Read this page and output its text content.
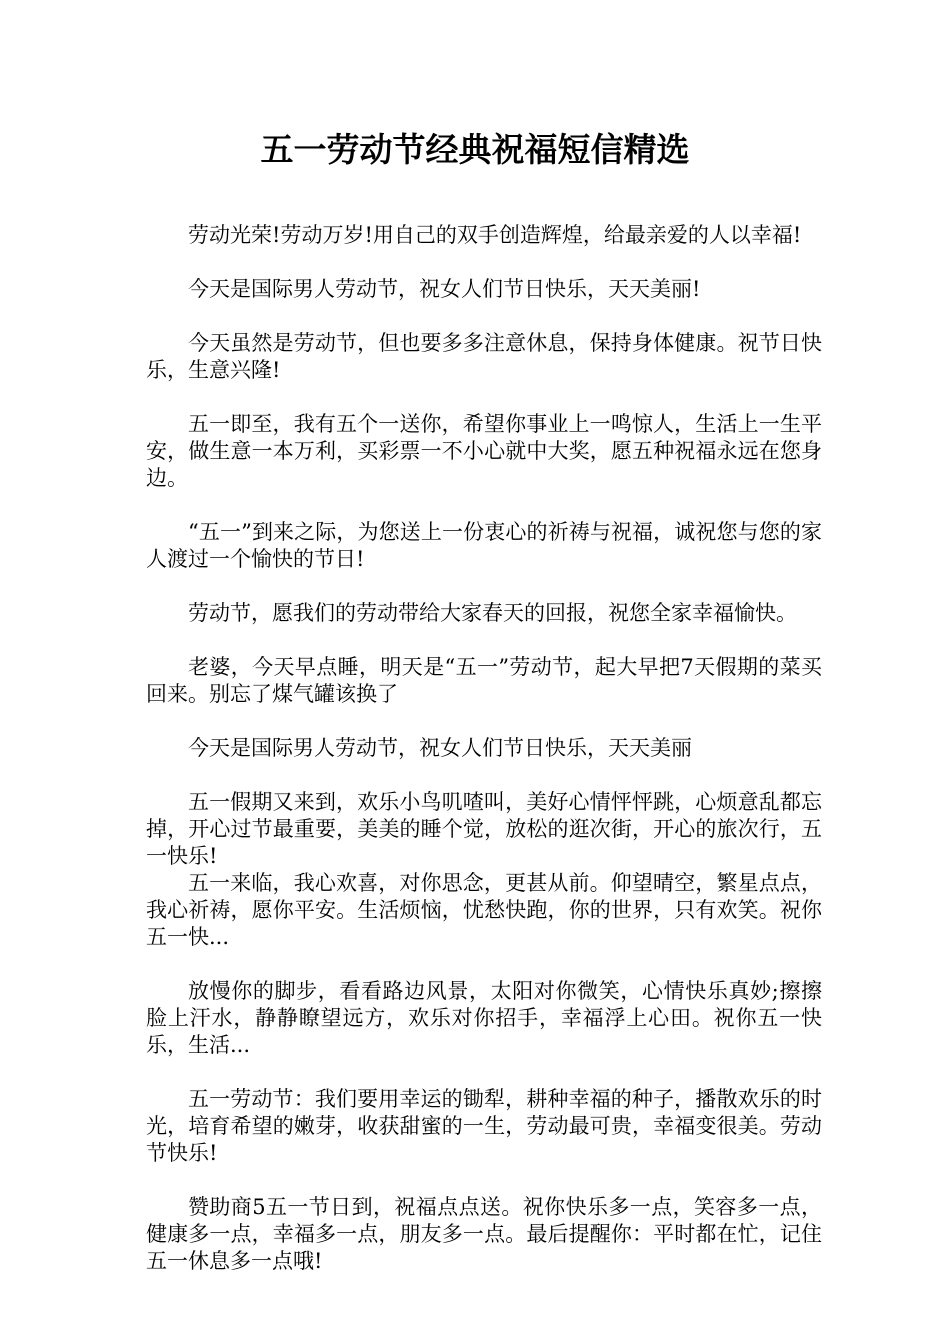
五一劳动节经典祝福短信精选

劳动光荣!劳动万岁!用自己的双手创造辉煌，给最亲爱的人以幸福!

今天是国际男人劳动节，祝女人们节日快乐，天天美丽!

今天虽然是劳动节，但也要多多注意休息，保持身体健康。祝节日快乐，生意兴隆!

五一即至，我有五个一送你，希望你事业上一鸣惊人，生活上一生平安，做生意一本万利，买彩票一不小心就中大奖，愿五种祝福永远在您身边。

“五一”到来之际，为您送上一份衷心的祈祷与祝福，诚祝您与您的家人渡过一个愉快的节日!

劳动节，愿我们的劳动带给大家春天的回报，祝您全家幸福愉快。

老婆，今天早点睡，明天是“五一”劳动节，起大早把7天假期的菜买回来。别忘了煤气罐该换了

今天是国际男人劳动节，祝女人们节日快乐，天天美丽

五一假期又来到，欢乐小鸟叽喳叫，美好心情怦怦跳，心烦意乱都忘掉，开心过节最重要，美美的睡个觉，放松的逛次街，开心的旅次行，五一快乐!

五一来临，我心欢喜，对你思念，更甚从前。仰望晴空，繁星点点，我心祈祷，愿你平安。生活烦恼，忧愁快跑，你的世界，只有欢笑。祝你五一快...

放慢你的脚步，看看路边风景，太阳对你微笑，心情快乐真妙;擦擦脸上汗水，静静瞭望远方，欢乐对你招手，幸福浮上心田。祝你五一快乐，生活...

五一劳动节：我们要用幸运的锄犁，耕种幸福的种子，播散欢乐的时光，培育希望的嫩芽，收获甜蜜的一生，劳动最可贵，幸福变很美。劳动节快乐!

赞助商5五一节日到，祝福点点送。祝你快乐多一点，笑容多一点，健康多一点，幸福多一点，朋友多一点。最后提醒你：平时都在忙，记住五一休息多一点哦!
